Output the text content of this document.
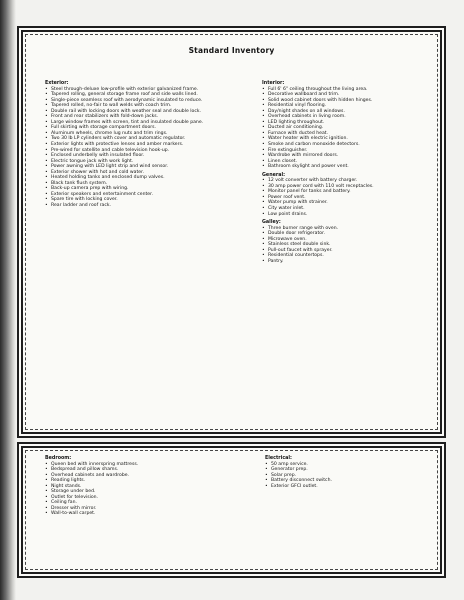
Standard Inventory
Exterior:
• Steel through-deluxe low-profile with exterior galvanized frame.
• Tapered rolling, general storage frame roof and side walls lined.
• Single-piece seamless roof with aerodynamic insulated to reduce.
• Tapered rolled, no-fair to wall welds with coach trim.
• Double rail with locking doors with weather seal and double lock.
• Front and rear stabilizers with fold-down jacks.
• Large window frames with screen, tint and insulated double pane.
• Full skirting with storage compartment doors.
• Aluminum wheels, chrome lug nuts and trim rings.
• Two 30 lb LP cylinders with cover and automatic regulator.
• Exterior lights with protective lenses and amber markers.
• Pre-wired for satellite and cable television hook-up.
• Enclosed underbelly with insulated floor.
• Electric tongue jack with work light.
• Power awning with LED light strip and wind sensor.
• Exterior shower with hot and cold water.
• Heated holding tanks and enclosed dump valves.
• Black tank flush system.
• Back-up camera prep with wiring.
• Exterior speakers and entertainment center.
• Spare tire with locking cover.
• Rear ladder and roof rack.
Interior:
• Full 6' 6" ceiling throughout the living area.
• Decorative wallboard and trim.
• Solid wood cabinet doors with hidden hinges.
• Residential vinyl flooring.
• Day/night shades on all windows.
• Overhead cabinets in living room.
• LED lighting throughout.
• Ducted air conditioning.
• Furnace with ducted heat.
• Water heater with electric ignition.
• Smoke and carbon monoxide detectors.
• Fire extinguisher.
• Wardrobe with mirrored doors.
• Linen closet.
• Bathroom skylight and power vent.
General:
• 12 volt converter with battery charger.
• 30 amp power cord with 110 volt receptacles.
• Monitor panel for tanks and battery.
• Power roof vent.
• Water pump with strainer.
• City water inlet.
• Low point drains.
Galley:
• Three burner range with oven.
• Double door refrigerator.
• Microwave oven.
• Stainless steel double sink.
• Pull-out faucet with sprayer.
• Residential countertops.
• Pantry.
Bedroom:
• Queen bed with innerspring mattress.
• Bedspread and pillow shams.
• Overhead cabinets and wardrobe.
• Reading lights.
• Night stands.
• Storage under bed.
• Outlet for television.
• Ceiling fan.
• Dresser with mirror.
• Wall-to-wall carpet.
Electrical:
• 50 amp service.
• Generator prep.
• Solar prep.
• Battery disconnect switch.
• Exterior GFCI outlet.
